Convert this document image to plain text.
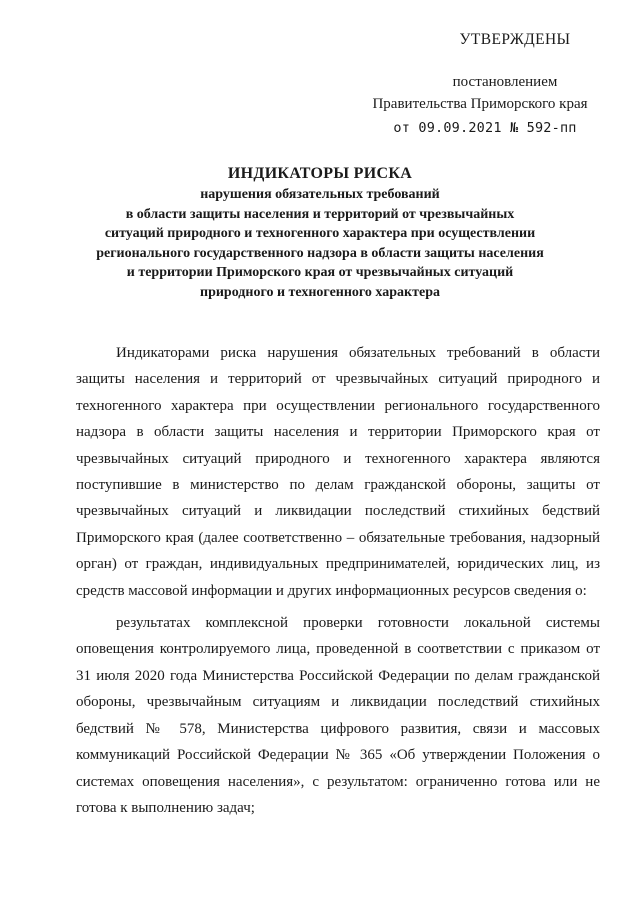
УТВЕРЖДЕНЫ
постановлением
Правительства Приморского края
от 09.09.2021 № 592-пп
ИНДИКАТОРЫ РИСКА
нарушения обязательных требований
в области защиты населения и территорий от чрезвычайных
ситуаций природного и техногенного характера при осуществлении
регионального государственного надзора в области защиты населения
и территории Приморского края от чрезвычайных ситуаций
природного и техногенного характера

Индикаторами риска нарушения обязательных требований в области защиты населения и территорий от чрезвычайных ситуаций природного и техногенного характера при осуществлении регионального государственного надзора в области защиты населения и территории Приморского края от чрезвычайных ситуаций природного и техногенного характера являются поступившие в министерство по делам гражданской обороны, защиты от чрезвычайных ситуаций и ликвидации последствий стихийных бедствий Приморского края (далее соответственно – обязательные требования, надзорный орган) от граждан, индивидуальных предпринимателей, юридических лиц, из средств массовой информации и других информационных ресурсов сведения о:

результатах комплексной проверки готовности локальной системы оповещения контролируемого лица, проведенной в соответствии с приказом от 31 июля 2020 года Министерства Российской Федерации по делам гражданской обороны, чрезвычайным ситуациям и ликвидации последствий стихийных бедствий № 578, Министерства цифрового развития, связи и массовых коммуникаций Российской Федерации № 365 «Об утверждении Положения о системах оповещения населения», с результатом: ограниченно готова или не готова к выполнению задач;
